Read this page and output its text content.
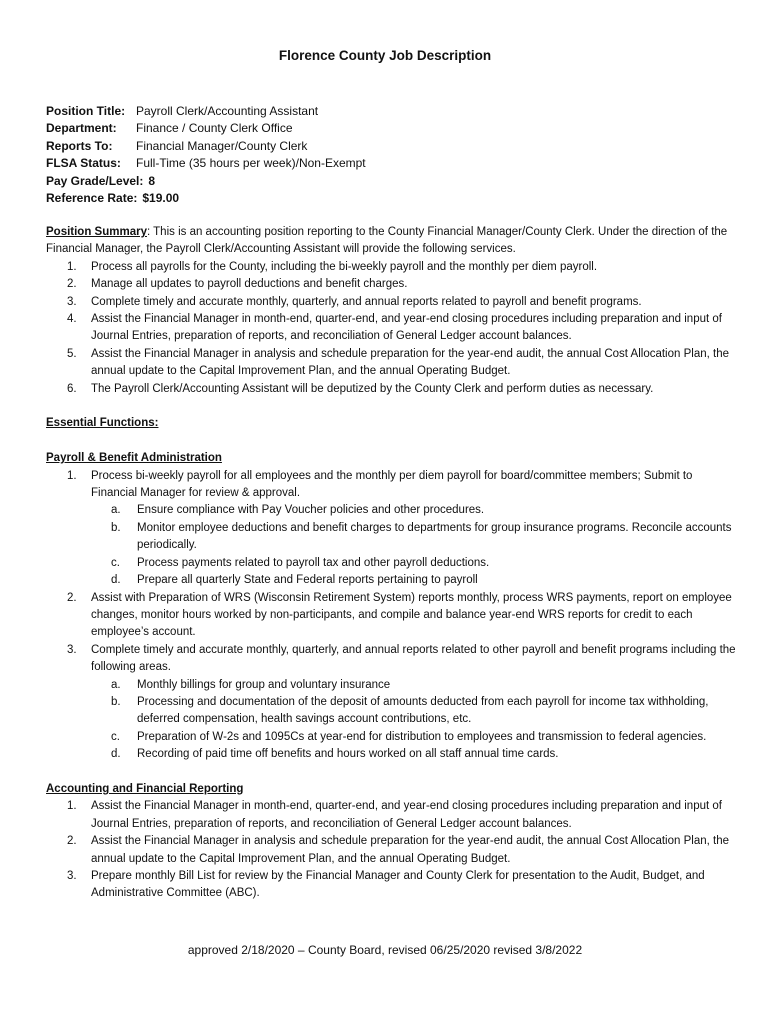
Florence County Job Description
Position Title: Payroll Clerk/Accounting Assistant
Department: Finance / County Clerk Office
Reports To: Financial Manager/County Clerk
FLSA Status: Full-Time (35 hours per week)/Non-Exempt
Pay Grade/Level: 8
Reference Rate: $19.00

Position Summary: This is an accounting position reporting to the County Financial Manager/County Clerk. Under the direction of the Financial Manager, the Payroll Clerk/Accounting Assistant will provide the following services.

1. Process all payrolls for the County, including the bi-weekly payroll and the monthly per diem payroll.
2. Manage all updates to payroll deductions and benefit charges.
3. Complete timely and accurate monthly, quarterly, and annual reports related to payroll and benefit programs.
4. Assist the Financial Manager in month-end, quarter-end, and year-end closing procedures including preparation and input of Journal Entries, preparation of reports, and reconciliation of General Ledger account balances.
5. Assist the Financial Manager in analysis and schedule preparation for the year-end audit, the annual Cost Allocation Plan, the annual update to the Capital Improvement Plan, and the annual Operating Budget.
6. The Payroll Clerk/Accounting Assistant will be deputized by the County Clerk and perform duties as necessary.

Essential Functions:

Payroll & Benefit Administration

1. Process bi-weekly payroll for all employees and the monthly per diem payroll for board/committee members; Submit to Financial Manager for review & approval.
a. Ensure compliance with Pay Voucher policies and other procedures.
b. Monitor employee deductions and benefit charges to departments for group insurance programs. Reconcile accounts periodically.
c. Process payments related to payroll tax and other payroll deductions.
d. Prepare all quarterly State and Federal reports pertaining to payroll
2. Assist with Preparation of WRS (Wisconsin Retirement System) reports monthly, process WRS payments, report on employee changes, monitor hours worked by non-participants, and compile and balance year-end WRS reports for credit to each employee’s account.
3. Complete timely and accurate monthly, quarterly, and annual reports related to other payroll and benefit programs including the following areas.
a. Monthly billings for group and voluntary insurance
b. Processing and documentation of the deposit of amounts deducted from each payroll for income tax withholding, deferred compensation, health savings account contributions, etc.
c. Preparation of W-2s and 1095Cs at year-end for distribution to employees and transmission to federal agencies.
d. Recording of paid time off benefits and hours worked on all staff annual time cards.

Accounting and Financial Reporting

1. Assist the Financial Manager in month-end, quarter-end, and year-end closing procedures including preparation and input of Journal Entries, preparation of reports, and reconciliation of General Ledger account balances.
2. Assist the Financial Manager in analysis and schedule preparation for the year-end audit, the annual Cost Allocation Plan, the annual update to the Capital Improvement Plan, and the annual Operating Budget.
3. Prepare monthly Bill List for review by the Financial Manager and County Clerk for presentation to the Audit, Budget, and Administrative Committee (ABC).
approved 2/18/2020 – County Board, revised 06/25/2020 revised 3/8/2022
